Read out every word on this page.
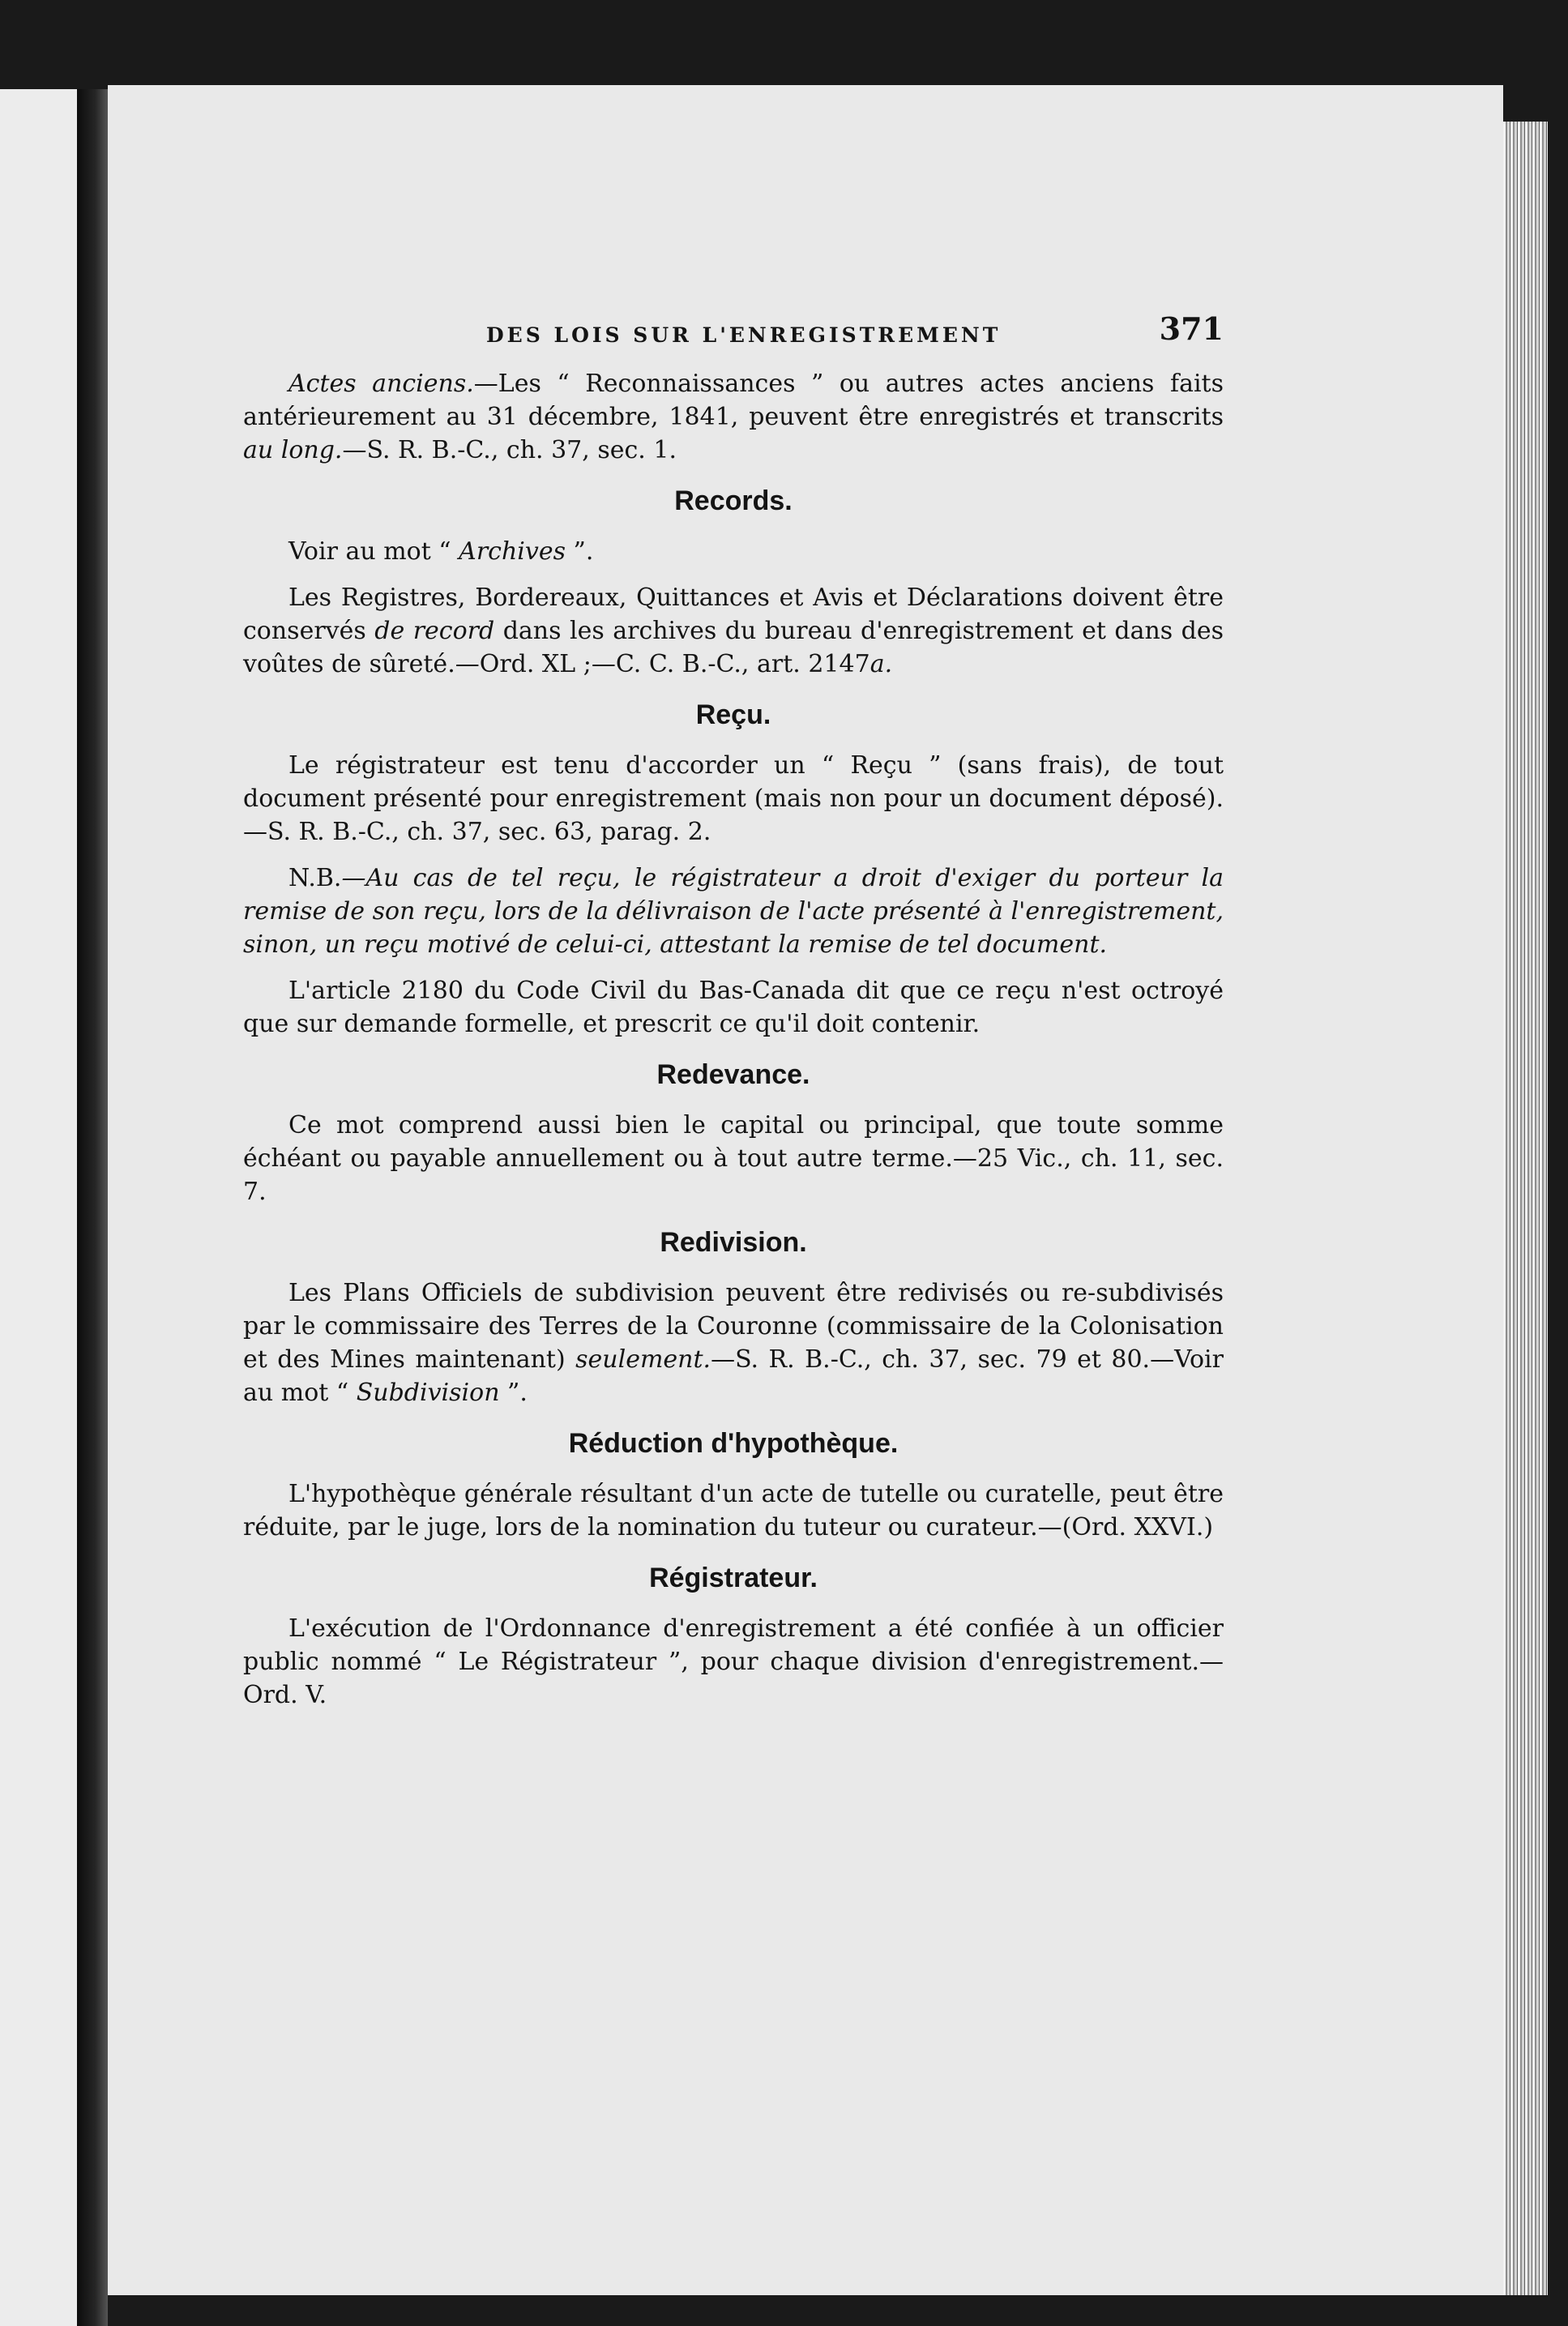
DES LOIS SUR L'ENREGISTREMENT	371

Actes anciens.—Les “ Reconnaissances ” ou autres actes anciens faits antérieurement au 31 décembre, 1841, peuvent être enregistrés et transcrits au long.—S. R. B.-C., ch. 37, sec. 1.

Records.

Voir au mot “ Archives ”.

Les Registres, Bordereaux, Quittances et Avis et Déclarations doivent être conservés de record dans les archives du bureau d'enregistrement et dans des voûtes de sûreté.—Ord. XL ;—C. C. B.-C., art. 2147a.

Reçu.

Le régistrateur est tenu d'accorder un “ Reçu ” (sans frais), de tout document présenté pour enregistrement (mais non pour un document déposé).—S. R. B.-C., ch. 37, sec. 63, parag. 2.

N.B.—Au cas de tel reçu, le régistrateur a droit d'exiger du porteur la remise de son reçu, lors de la délivraison de l'acte présenté à l'enregistrement, sinon, un reçu motivé de celui-ci, attestant la remise de tel document.

L'article 2180 du Code Civil du Bas-Canada dit que ce reçu n'est octroyé que sur demande formelle, et prescrit ce qu'il doit contenir.

Redevance.

Ce mot comprend aussi bien le capital ou principal, que toute somme échéant ou payable annuellement ou à tout autre terme.—25 Vic., ch. 11, sec. 7.

Redivision.

Les Plans Officiels de subdivision peuvent être redivisés ou re-subdivisés par le commissaire des Terres de la Couronne (commissaire de la Colonisation et des Mines maintenant) seulement.—S. R. B.-C., ch. 37, sec. 79 et 80.—Voir au mot “ Subdivision ”.

Réduction d'hypothèque.

L'hypothèque générale résultant d'un acte de tutelle ou curatelle, peut être réduite, par le juge, lors de la nomination du tuteur ou curateur.—(Ord. XXVI.)

Régistrateur.

L'exécution de l'Ordonnance d'enregistrement a été confiée à un officier public nommé “ Le Régistrateur ”, pour chaque division d'enregistrement.—Ord. V.
